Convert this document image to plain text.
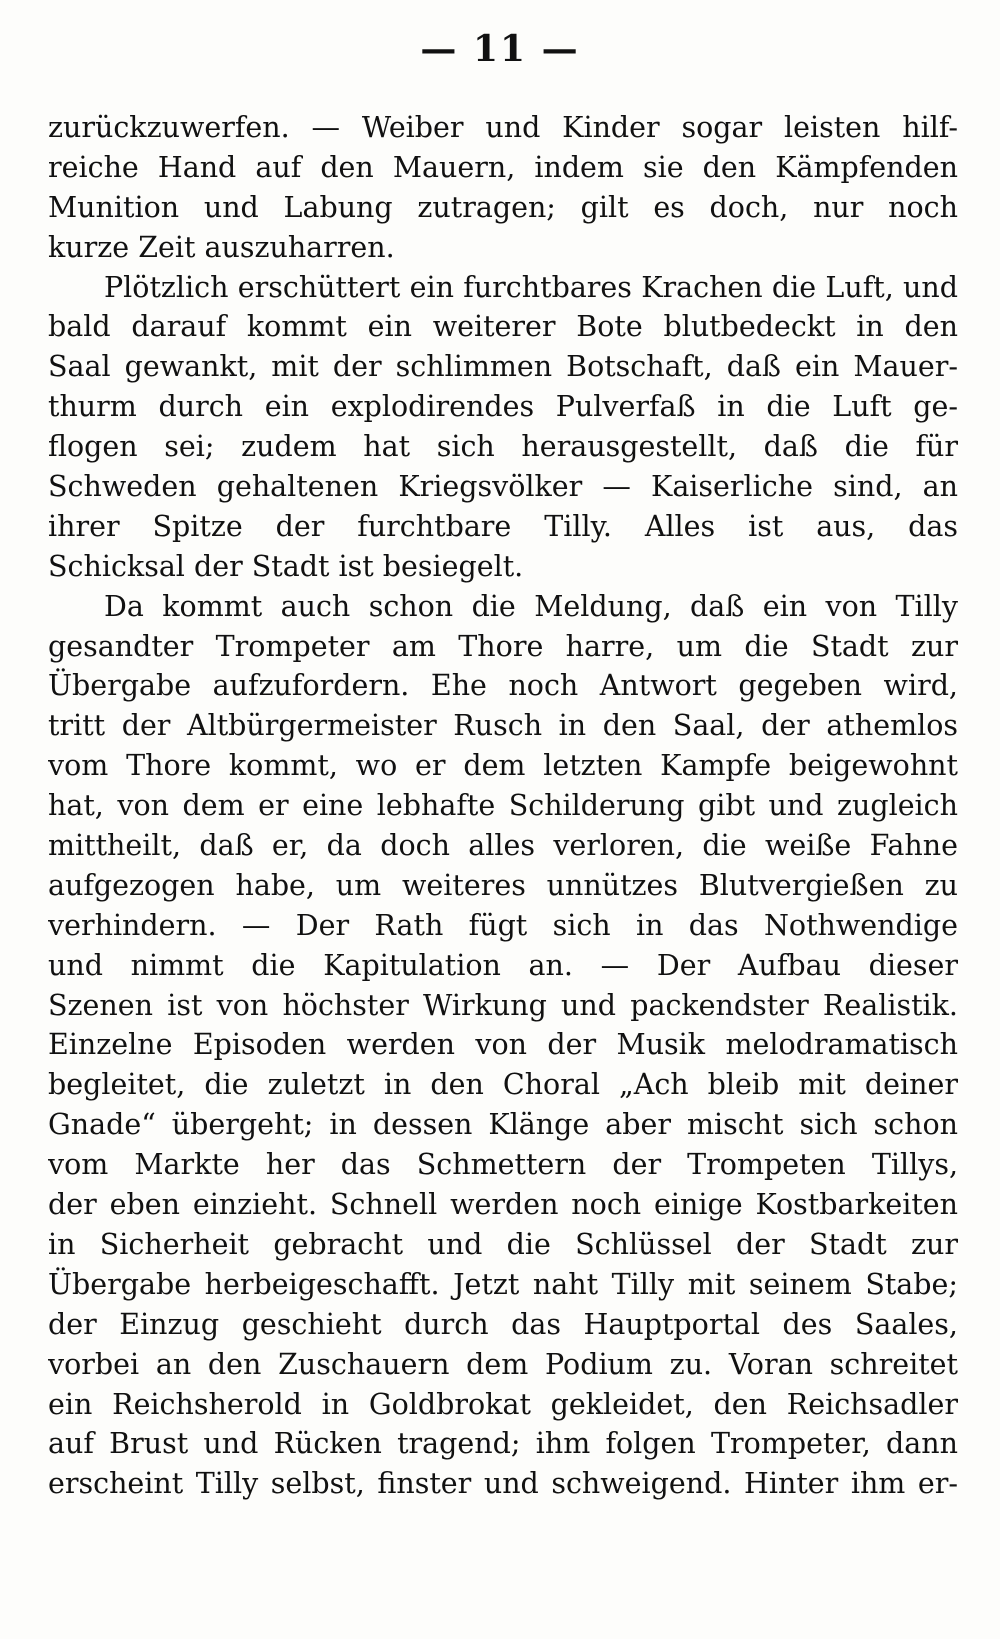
— 11 —
zurückzuwerfen. — Weiber und Kinder sogar leisten hilf-
reiche Hand auf den Mauern, indem sie den Kämpfenden
Munition und Labung zutragen; gilt es doch, nur noch
kurze Zeit auszuharren.
Plötzlich erschüttert ein furchtbares Krachen die Luft, und
bald darauf kommt ein weiterer Bote blutbedeckt in den
Saal gewankt, mit der schlimmen Botschaft, daß ein Mauer-
thurm durch ein explodirendes Pulverfaß in die Luft ge-
flogen sei; zudem hat sich herausgestellt, daß die für
Schweden gehaltenen Kriegsvölker — Kaiserliche sind, an
ihrer Spitze der furchtbare Tilly. Alles ist aus, das
Schicksal der Stadt ist besiegelt.
Da kommt auch schon die Meldung, daß ein von Tilly
gesandter Trompeter am Thore harre, um die Stadt zur
Übergabe aufzufordern. Ehe noch Antwort gegeben wird,
tritt der Altbürgermeister Rusch in den Saal, der athemlos
vom Thore kommt, wo er dem letzten Kampfe beigewohnt
hat, von dem er eine lebhafte Schilderung gibt und zugleich
mittheilt, daß er, da doch alles verloren, die weiße Fahne
aufgezogen habe, um weiteres unnützes Blutvergießen zu
verhindern. — Der Rath fügt sich in das Nothwendige
und nimmt die Kapitulation an. — Der Aufbau dieser
Szenen ist von höchster Wirkung und packendster Realistik.
Einzelne Episoden werden von der Musik melodramatisch
begleitet, die zuletzt in den Choral „Ach bleib mit deiner
Gnade“ übergeht; in dessen Klänge aber mischt sich schon
vom Markte her das Schmettern der Trompeten Tillys,
der eben einzieht. Schnell werden noch einige Kostbarkeiten
in Sicherheit gebracht und die Schlüssel der Stadt zur
Übergabe herbeigeschafft. Jetzt naht Tilly mit seinem Stabe;
der Einzug geschieht durch das Hauptportal des Saales,
vorbei an den Zuschauern dem Podium zu. Voran schreitet
ein Reichsherold in Goldbrokat gekleidet, den Reichsadler
auf Brust und Rücken tragend; ihm folgen Trompeter, dann
erscheint Tilly selbst, finster und schweigend. Hinter ihm er-
